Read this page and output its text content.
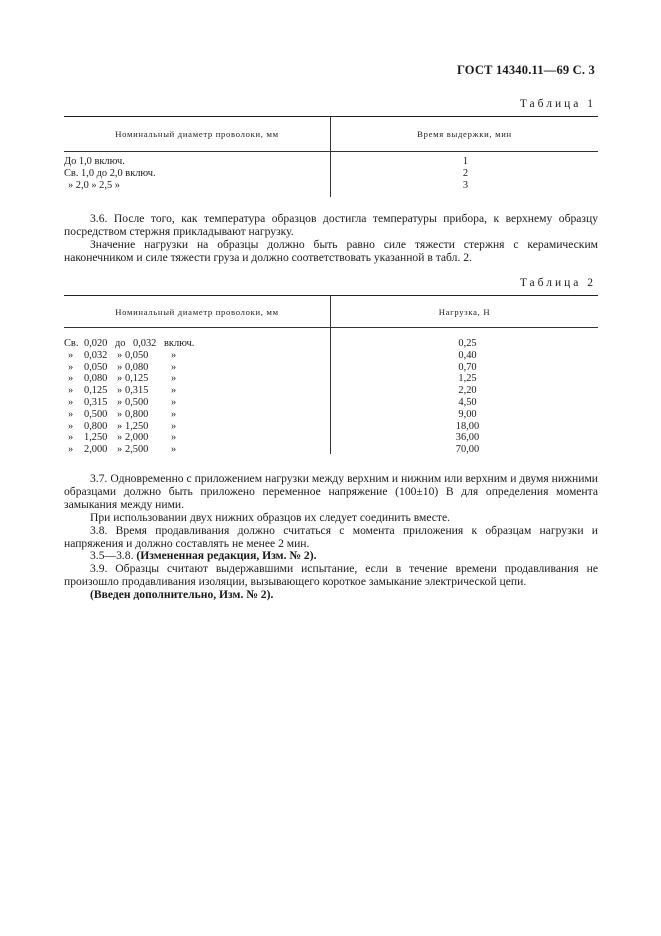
ГОСТ 14340.11—69 С. 3
Таблица 1
Номинальный диаметр проволоки, мм	Время выдержки, мин
До 1,0 включ.
Св. 1,0 до 2,0 включ.
» 2,0 » 2,5 »
1
2
3

3.6. После того, как температура образцов достигла температуры прибора, к верхнему образцу посредством стержня прикладывают нагрузку.

Значение нагрузки на образцы должно быть равно силе тяжести стержня с керамическим наконечником и силе тяжести груза и должно соответствовать указанной в табл. 2.

Таблица 2
Номинальный диаметр проволоки, мм	Нагрузка, Н
Св. 0,020 до 0,032 включ.
» 0,032 » 0,050 »
» 0,050 » 0,080 »
» 0,080 » 0,125 »
» 0,125 » 0,315 »
» 0,315 » 0,500 »
» 0,500 » 0,800 »
» 0,800 » 1,250 »
» 1,250 » 2,000 »
» 2,000 » 2,500 »
0,25
0,40
0,70
1,25
2,20
4,50
9,00
18,00
36,00
70,00

3.7. Одновременно с приложением нагрузки между верхним и нижним или верхним и двумя нижними образцами должно быть приложено переменное напряжение (100±10) В для определения момента замыкания между ними.

При использовании двух нижних образцов их следует соединить вместе.

3.8. Время продавливания должно считаться с момента приложения к образцам нагрузки и напряжения и должно составлять не менее 2 мин.

3.5—3.8. (Измененная редакция, Изм. № 2).

3.9. Образцы считают выдержавшими испытание, если в течение времени продавливания не произошло продавливания изоляции, вызывающего короткое замыкание электрической цепи.

(Введен дополнительно, Изм. № 2).
